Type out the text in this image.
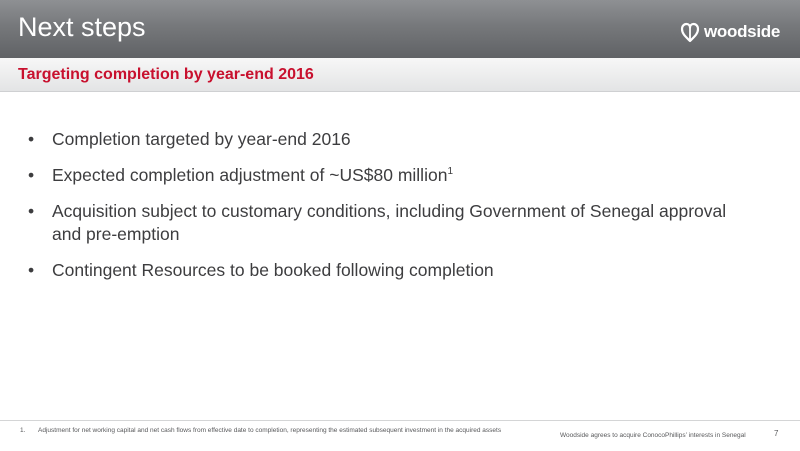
Next steps	woodside
Targeting completion by year-end 2016
• Completion targeted by year-end 2016
• Expected completion adjustment of ~US$80 million$^1$
• Acquisition subject to customary conditions, including Government of Senegal approval and pre-emption
• Contingent Resources to be booked following completion
1. Adjustment for net working capital and net cash flows from effective date to completion, representing the estimated subsequent investment in the acquired assets
Woodside agrees to acquire ConocoPhillips’ interests in Senegal	7
